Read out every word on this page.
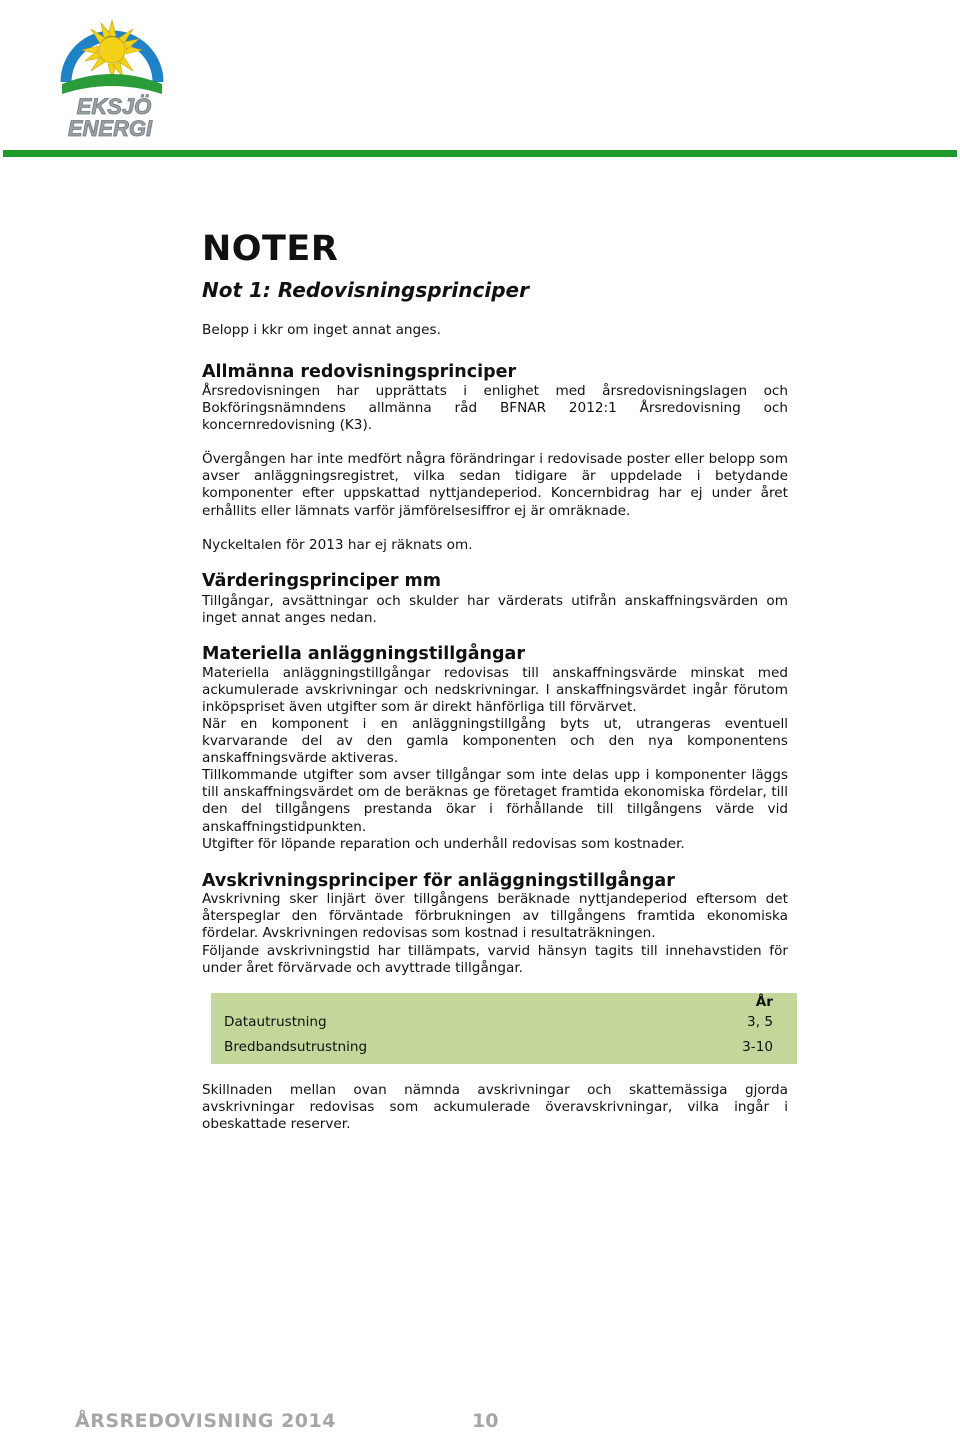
EKSJÖ
ENERGI
NOTER
Not 1: Redovisningsprinciper

Belopp i kkr om inget annat anges.

Allmänna redovisningsprinciper

Årsredovisningen har upprättats i enlighet med årsredovisningslagen och Bokföringsnämndens allmänna råd BFNAR 2012:1 Årsredovisning och koncernredovisning (K3).

Övergången har inte medfört några förändringar i redovisade poster eller belopp som avser anläggningsregistret, vilka sedan tidigare är uppdelade i betydande komponenter efter uppskattad nyttjandeperiod. Koncernbidrag har ej under året erhållits eller lämnats varför jämförelsesiffror ej är omräknade.

Nyckeltalen för 2013 har ej räknats om.

Värderingsprinciper mm

Tillgångar, avsättningar och skulder har värderats utifrån anskaffningsvärden om inget annat anges nedan.

Materiella anläggningstillgångar

Materiella anläggningstillgångar redovisas till anskaffningsvärde minskat med ackumulerade avskrivningar och nedskrivningar. I anskaffningsvärdet ingår förutom inköpspriset även utgifter som är direkt hänförliga till förvärvet.

När en komponent i en anläggningstillgång byts ut, utrangeras eventuell kvarvarande del av den gamla komponenten och den nya komponentens anskaffningsvärde aktiveras.

Tillkommande utgifter som avser tillgångar som inte delas upp i komponenter läggs till anskaffningsvärdet om de beräknas ge företaget framtida ekonomiska fördelar, till den del tillgångens prestanda ökar i förhållande till tillgångens värde vid anskaffningstidpunkten.

Utgifter för löpande reparation och underhåll redovisas som kostnader.

Avskrivningsprinciper för anläggningstillgångar

Avskrivning sker linjärt över tillgångens beräknade nyttjandeperiod eftersom det återspeglar den förväntade förbrukningen av tillgångens framtida ekonomiska fördelar. Avskrivningen redovisas som kostnad i resultaträkningen.

Följande avskrivningstid har tillämpats, varvid hänsyn tagits till innehavstiden för under året förvärvade och avyttrade tillgångar.

Skillnaden mellan ovan nämnda avskrivningar och skattemässiga gjorda avskrivningar redovisas som ackumulerade överavskrivningar, vilka ingår i obeskattade reserver.

År
Datautrustning	3, 5
Bredbandsutrustning	3-10
ÅRSREDOVISNING 2014	10
